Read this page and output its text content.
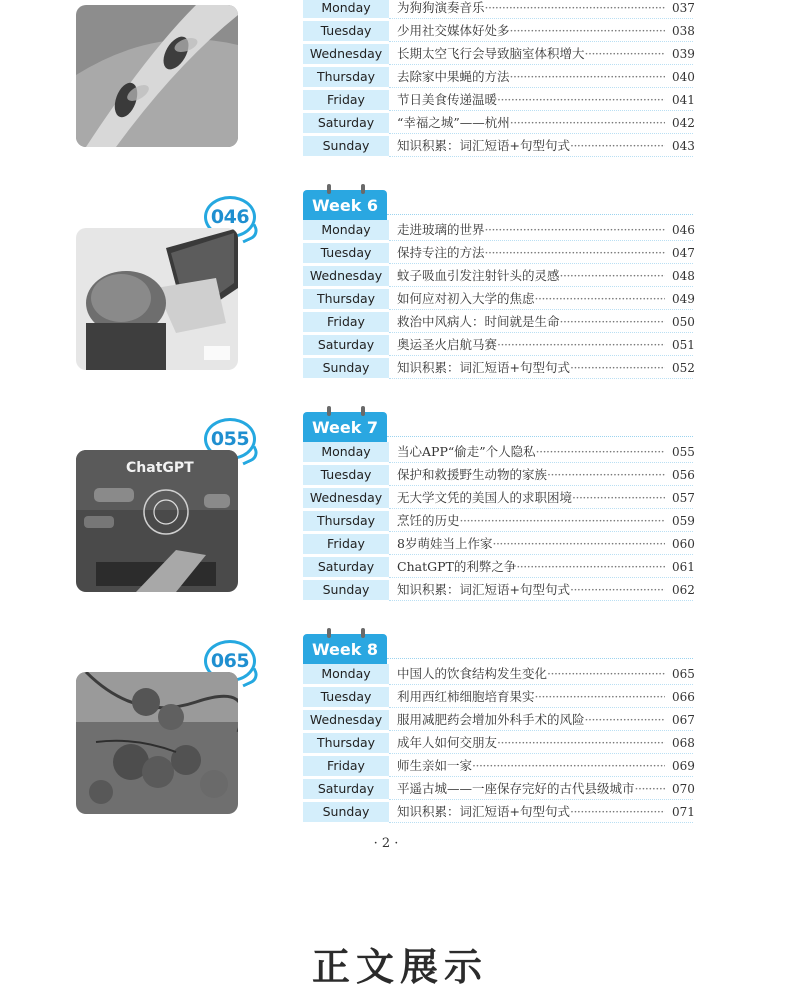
Monday	为狗狗演奏音乐 ·····	037
Tuesday	少用社交媒体好处多 ·····	038
Wednesday	长期太空飞行会导致脑室体积增大 ·····	039
Thursday	去除家中果蝇的方法 ·····	040
Friday	节日美食传递温暖 ·····	041
Saturday	“幸福之城”——杭州 ·····	042
Sunday	知识积累：词汇短语+句型句式 ·····	043
046
Week 6
Monday	走进玻璃的世界 ·····	046
Tuesday	保持专注的方法 ·····	047
Wednesday	蚊子吸血引发注射针头的灵感 ·····	048
Thursday	如何应对初入大学的焦虑 ·····	049
Friday	救治中风病人：时间就是生命 ·····	050
Saturday	奥运圣火启航马赛 ·····	051
Sunday	知识积累：词汇短语+句型句式 ·····	052
055
ChatGPT
Week 7
Monday	当心APP“偷走”个人隐私 ·····	055
Tuesday	保护和救援野生动物的家族 ·····	056
Wednesday	无大学文凭的美国人的求职困境 ·····	057
Thursday	烹饪的历史 ·····	059
Friday	8岁萌娃当上作家 ·····	060
Saturday	ChatGPT的利弊之争 ·····	061
Sunday	知识积累：词汇短语+句型句式 ·····	062
065
Week 8
Monday	中国人的饮食结构发生变化 ·····	065
Tuesday	利用西红柿细胞培育果实 ·····	066
Wednesday	服用减肥药会增加外科手术的风险 ·····	067
Thursday	成年人如何交朋友 ·····	068
Friday	师生亲如一家 ·····	069
Saturday	平遥古城——一座保存完好的古代县级城市 ·····	070
Sunday	知识积累：词汇短语+句型句式 ·····	071
· 2 ·
正文展示
